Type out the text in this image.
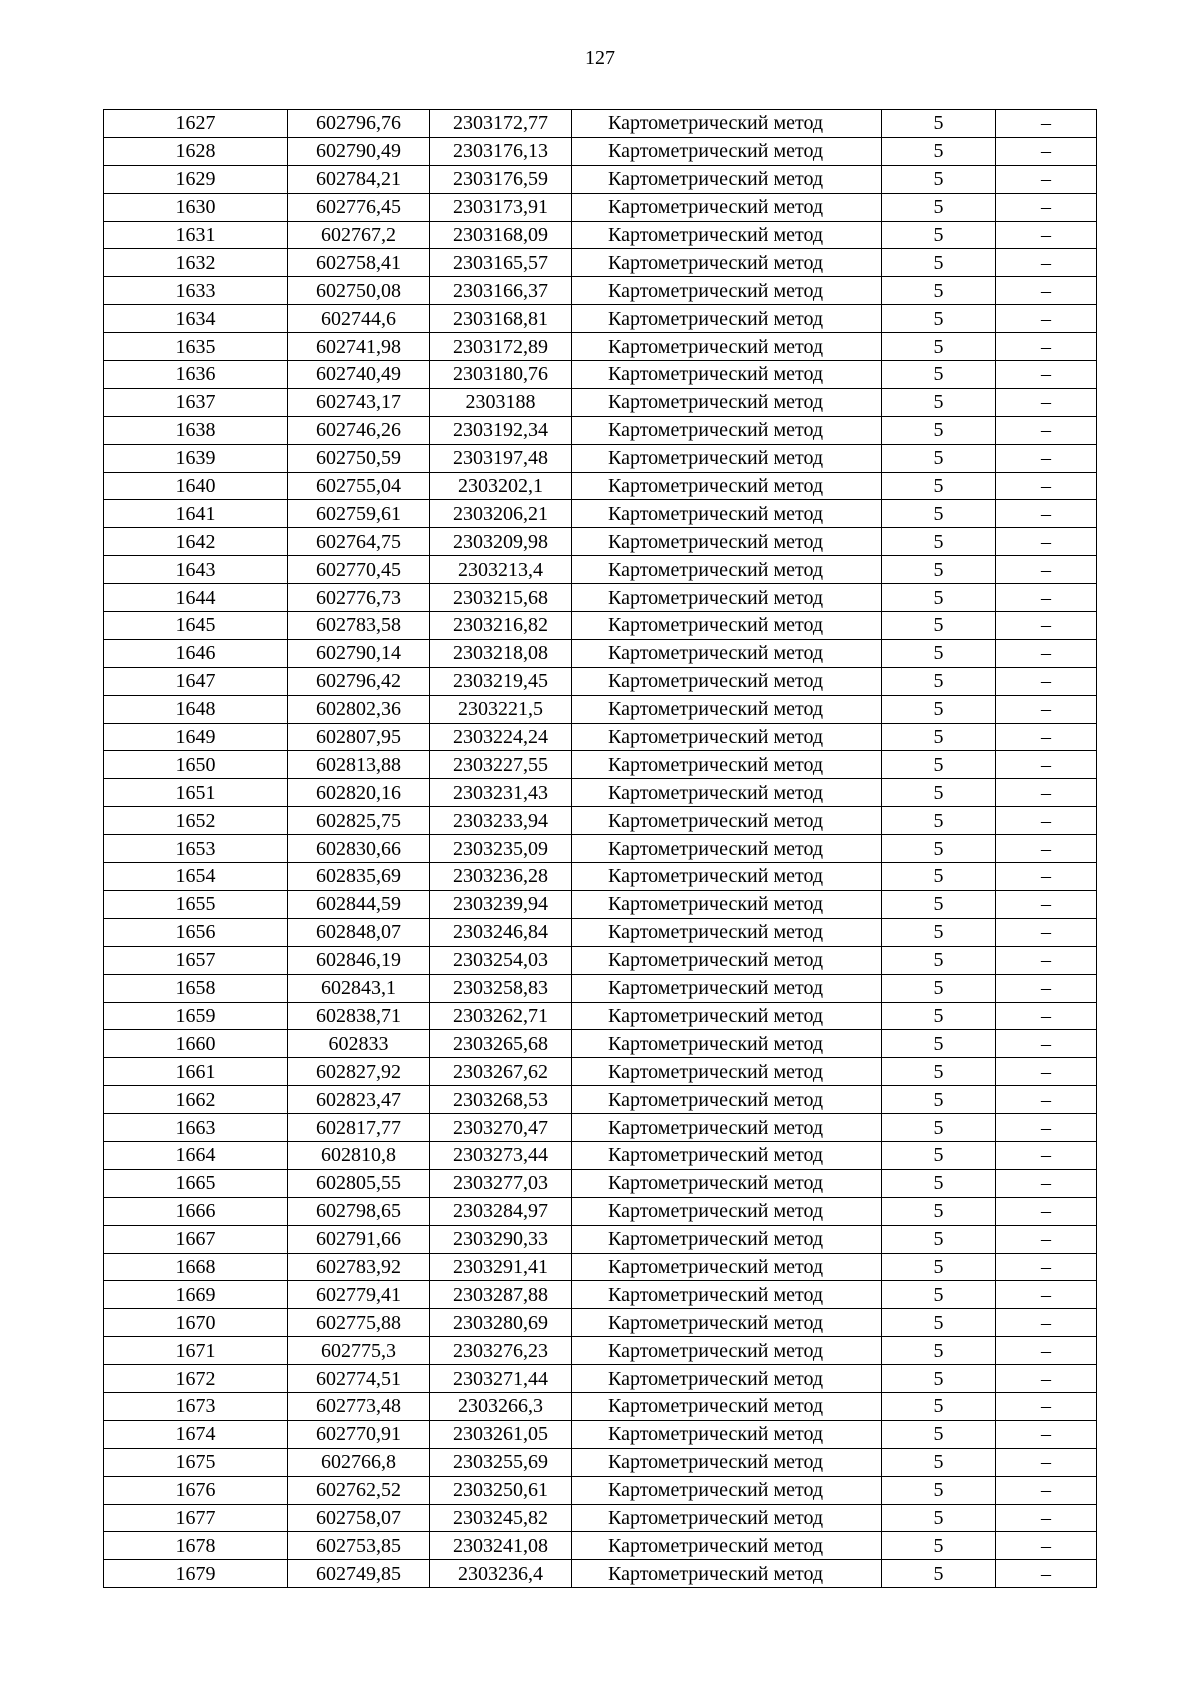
127
1627	602796,76	2303172,77	Картометрический метод	5	–
1628	602790,49	2303176,13	Картометрический метод	5	–
1629	602784,21	2303176,59	Картометрический метод	5	–
1630	602776,45	2303173,91	Картометрический метод	5	–
1631	602767,2	2303168,09	Картометрический метод	5	–
1632	602758,41	2303165,57	Картометрический метод	5	–
1633	602750,08	2303166,37	Картометрический метод	5	–
1634	602744,6	2303168,81	Картометрический метод	5	–
1635	602741,98	2303172,89	Картометрический метод	5	–
1636	602740,49	2303180,76	Картометрический метод	5	–
1637	602743,17	2303188	Картометрический метод	5	–
1638	602746,26	2303192,34	Картометрический метод	5	–
1639	602750,59	2303197,48	Картометрический метод	5	–
1640	602755,04	2303202,1	Картометрический метод	5	–
1641	602759,61	2303206,21	Картометрический метод	5	–
1642	602764,75	2303209,98	Картометрический метод	5	–
1643	602770,45	2303213,4	Картометрический метод	5	–
1644	602776,73	2303215,68	Картометрический метод	5	–
1645	602783,58	2303216,82	Картометрический метод	5	–
1646	602790,14	2303218,08	Картометрический метод	5	–
1647	602796,42	2303219,45	Картометрический метод	5	–
1648	602802,36	2303221,5	Картометрический метод	5	–
1649	602807,95	2303224,24	Картометрический метод	5	–
1650	602813,88	2303227,55	Картометрический метод	5	–
1651	602820,16	2303231,43	Картометрический метод	5	–
1652	602825,75	2303233,94	Картометрический метод	5	–
1653	602830,66	2303235,09	Картометрический метод	5	–
1654	602835,69	2303236,28	Картометрический метод	5	–
1655	602844,59	2303239,94	Картометрический метод	5	–
1656	602848,07	2303246,84	Картометрический метод	5	–
1657	602846,19	2303254,03	Картометрический метод	5	–
1658	602843,1	2303258,83	Картометрический метод	5	–
1659	602838,71	2303262,71	Картометрический метод	5	–
1660	602833	2303265,68	Картометрический метод	5	–
1661	602827,92	2303267,62	Картометрический метод	5	–
1662	602823,47	2303268,53	Картометрический метод	5	–
1663	602817,77	2303270,47	Картометрический метод	5	–
1664	602810,8	2303273,44	Картометрический метод	5	–
1665	602805,55	2303277,03	Картометрический метод	5	–
1666	602798,65	2303284,97	Картометрический метод	5	–
1667	602791,66	2303290,33	Картометрический метод	5	–
1668	602783,92	2303291,41	Картометрический метод	5	–
1669	602779,41	2303287,88	Картометрический метод	5	–
1670	602775,88	2303280,69	Картометрический метод	5	–
1671	602775,3	2303276,23	Картометрический метод	5	–
1672	602774,51	2303271,44	Картометрический метод	5	–
1673	602773,48	2303266,3	Картометрический метод	5	–
1674	602770,91	2303261,05	Картометрический метод	5	–
1675	602766,8	2303255,69	Картометрический метод	5	–
1676	602762,52	2303250,61	Картометрический метод	5	–
1677	602758,07	2303245,82	Картометрический метод	5	–
1678	602753,85	2303241,08	Картометрический метод	5	–
1679	602749,85	2303236,4	Картометрический метод	5	–
